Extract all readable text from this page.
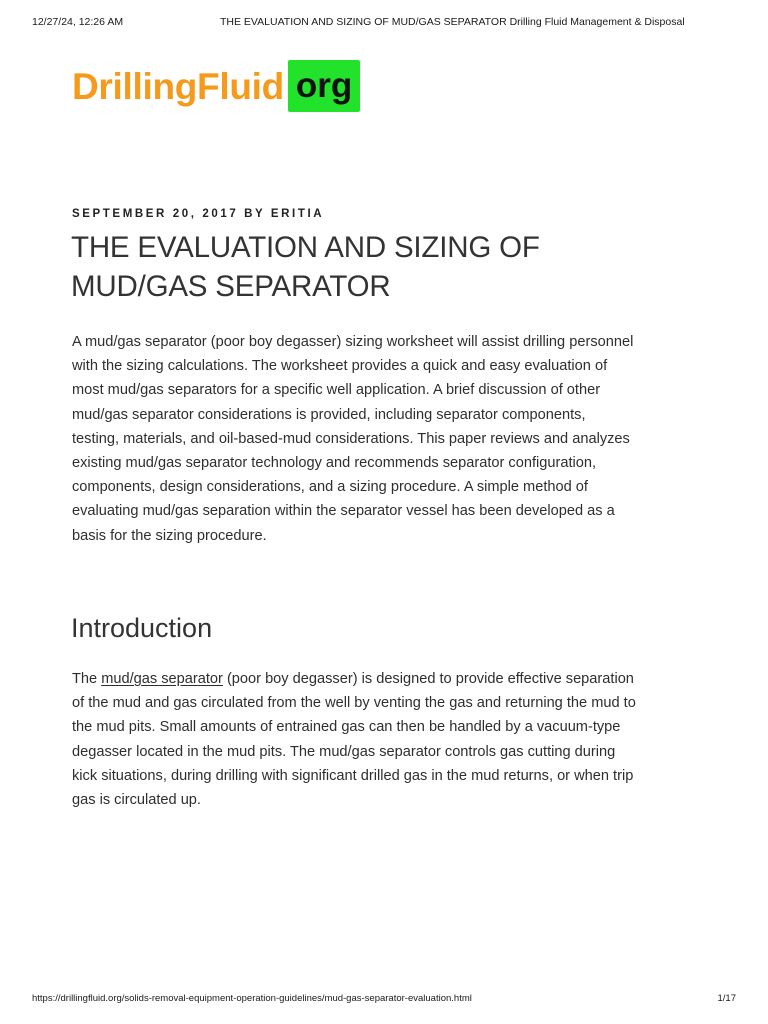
12/27/24, 12:26 AM	THE EVALUATION AND SIZING OF MUD/GAS SEPARATOR Drilling Fluid Management & Disposal
DrillingFluid org
SEPTEMBER 20, 2017 BY ERITIA
THE EVALUATION AND SIZING OF
MUD/GAS SEPARATOR
A mud/gas separator (poor boy degasser) sizing worksheet will assist drilling personnel
with the sizing calculations. The worksheet provides a quick and easy evaluation of
most mud/gas separators for a specific well application. A brief discussion of other
mud/gas separator considerations is provided, including separator components,
testing, materials, and oil-based-mud considerations. This paper reviews and analyzes
existing mud/gas separator technology and recommends separator configuration,
components, design considerations, and a sizing procedure. A simple method of
evaluating mud/gas separation within the separator vessel has been developed as a
basis for the sizing procedure.
Introduction
The mud/gas separator (poor boy degasser) is designed to provide effective separation
of the mud and gas circulated from the well by venting the gas and returning the mud to
the mud pits. Small amounts of entrained gas can then be handled by a vacuum-type
degasser located in the mud pits. The mud/gas separator controls gas cutting during
kick situations, during drilling with significant drilled gas in the mud returns, or when trip
gas is circulated up.
https://drillingfluid.org/solids-removal-equipment-operation-guidelines/mud-gas-separator-evaluation.html	1/17
